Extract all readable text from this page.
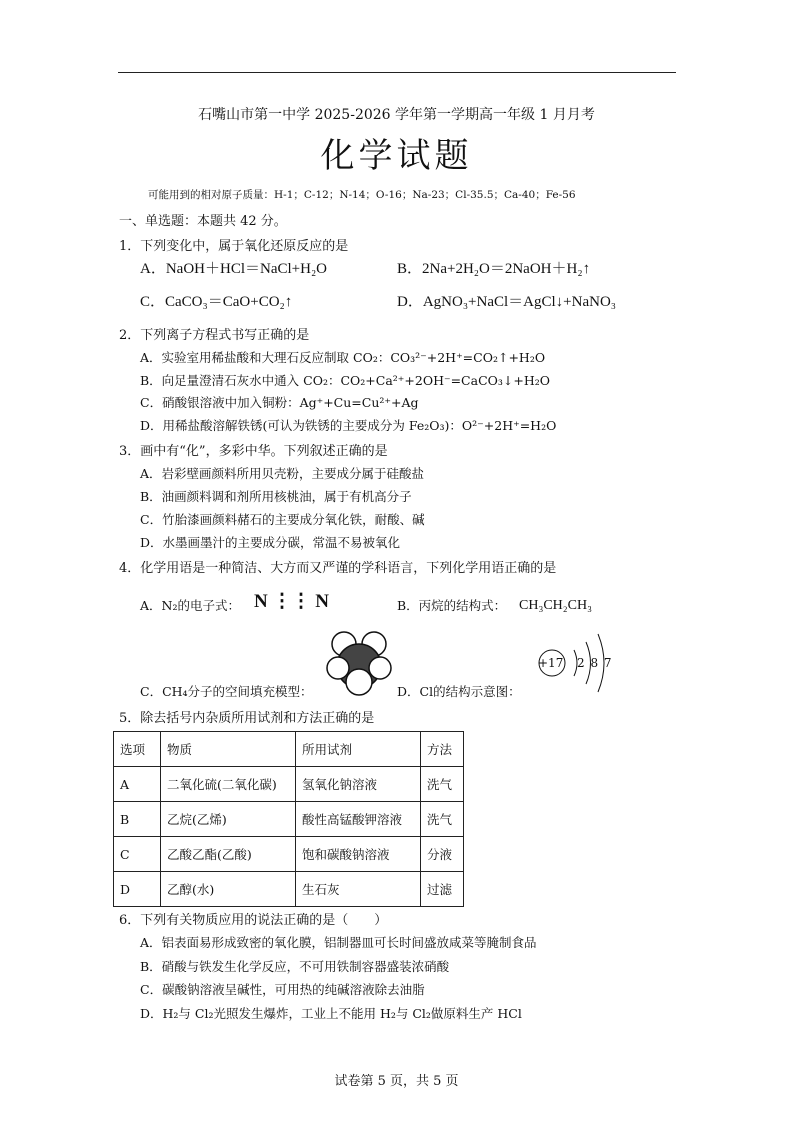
石嘴山市第一中学 2025-2026 学年第一学期高一年级 1 月月考
化学试题
可能用到的相对原子质量：H-1；C-12；N-14；O-16；Na-23；Cl-35.5；Ca-40；Fe-56
一、单选题：本题共 42 分。
1．下列变化中，属于氧化还原反应的是
A．NaOH＋HCl＝NaCl+H₂O	B．2Na+2H₂O＝2NaOH＋H₂↑
C．CaCO₃＝CaO+CO₂↑	D．AgNO₃+NaCl＝AgCl↓+NaNO₃
2．下列离子方程式书写正确的是
A．实验室用稀盐酸和大理石反应制取 CO₂：CO₃²⁻+2H⁺=CO₂↑+H₂O
B．向足量澄清石灰水中通入 CO₂：CO₂+Ca²⁺+2OH⁻=CaCO₃↓+H₂O
C．硝酸银溶液中加入铜粉：Ag⁺+Cu=Cu²⁺+Ag
D．用稀盐酸溶解铁锈(可认为铁锈的主要成分为 Fe₂O₃)：O²⁻+2H⁺=H₂O
3．画中有“化”，多彩中华。下列叙述正确的是
A．岩彩壁画颜料所用贝壳粉，主要成分属于硅酸盐
B．油画颜料调和剂所用核桃油，属于有机高分子
C．竹胎漆画颜料赭石的主要成分氧化铁，耐酸、碱
D．水墨画墨汁的主要成分碳，常温不易被氧化
4．化学用语是一种简洁、大方而又严谨的学科语言，下列化学用语正确的是
A．N₂的电子式： N ⋮⋮ N	B．丙烷的结构式： CH₃CH₂CH₃
C．CH₄分子的空间填充模型：	D．Cl的结构示意图：
+17 2 8 7
5．除去括号内杂质所用试剂和方法正确的是
选项	物质	所用试剂	方法
A	二氧化硫(二氧化碳)	氢氧化钠溶液	洗气
B	乙烷(乙烯)	酸性高锰酸钾溶液	洗气
C	乙酸乙酯(乙酸)	饱和碳酸钠溶液	分液
D	乙醇(水)	生石灰	过滤
6．下列有关物质应用的说法正确的是（　　）
A．铝表面易形成致密的氧化膜，铝制器皿可长时间盛放咸菜等腌制食品
B．硝酸与铁发生化学反应，不可用铁制容器盛装浓硝酸
C．碳酸钠溶液呈碱性，可用热的纯碱溶液除去油脂
D．H₂与 Cl₂光照发生爆炸，工业上不能用 H₂与 Cl₂做原料生产 HCl
试卷第 5 页，共 5 页
